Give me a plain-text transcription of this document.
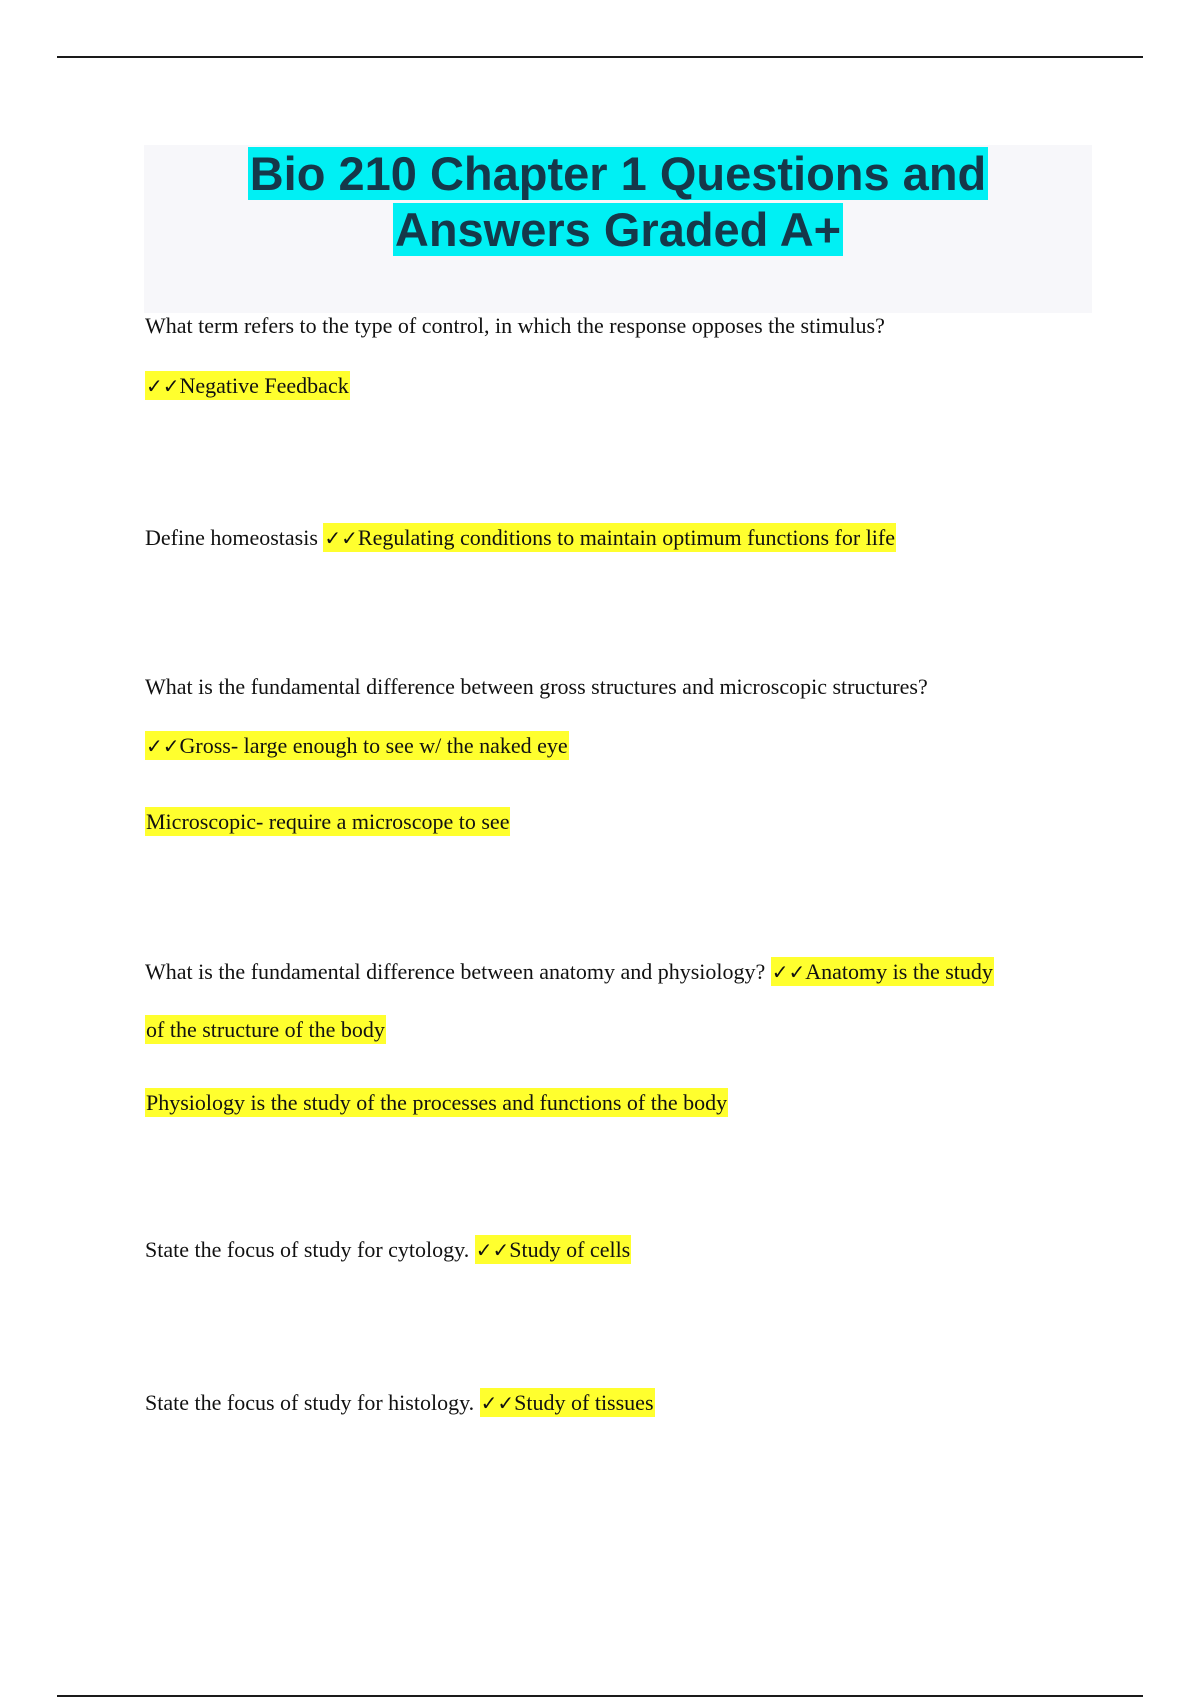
Bio 210 Chapter 1 Questions and
Answers Graded A+
What term refers to the type of control, in which the response opposes the stimulus?
✓✓Negative Feedback
Define homeostasis ✓✓Regulating conditions to maintain optimum functions for life
What is the fundamental difference between gross structures and microscopic structures?
✓✓Gross- large enough to see w/ the naked eye
Microscopic- require a microscope to see
What is the fundamental difference between anatomy and physiology? ✓✓Anatomy is the study
of the structure of the body
Physiology is the study of the processes and functions of the body
State the focus of study for cytology. ✓✓Study of cells
State the focus of study for histology. ✓✓Study of tissues
